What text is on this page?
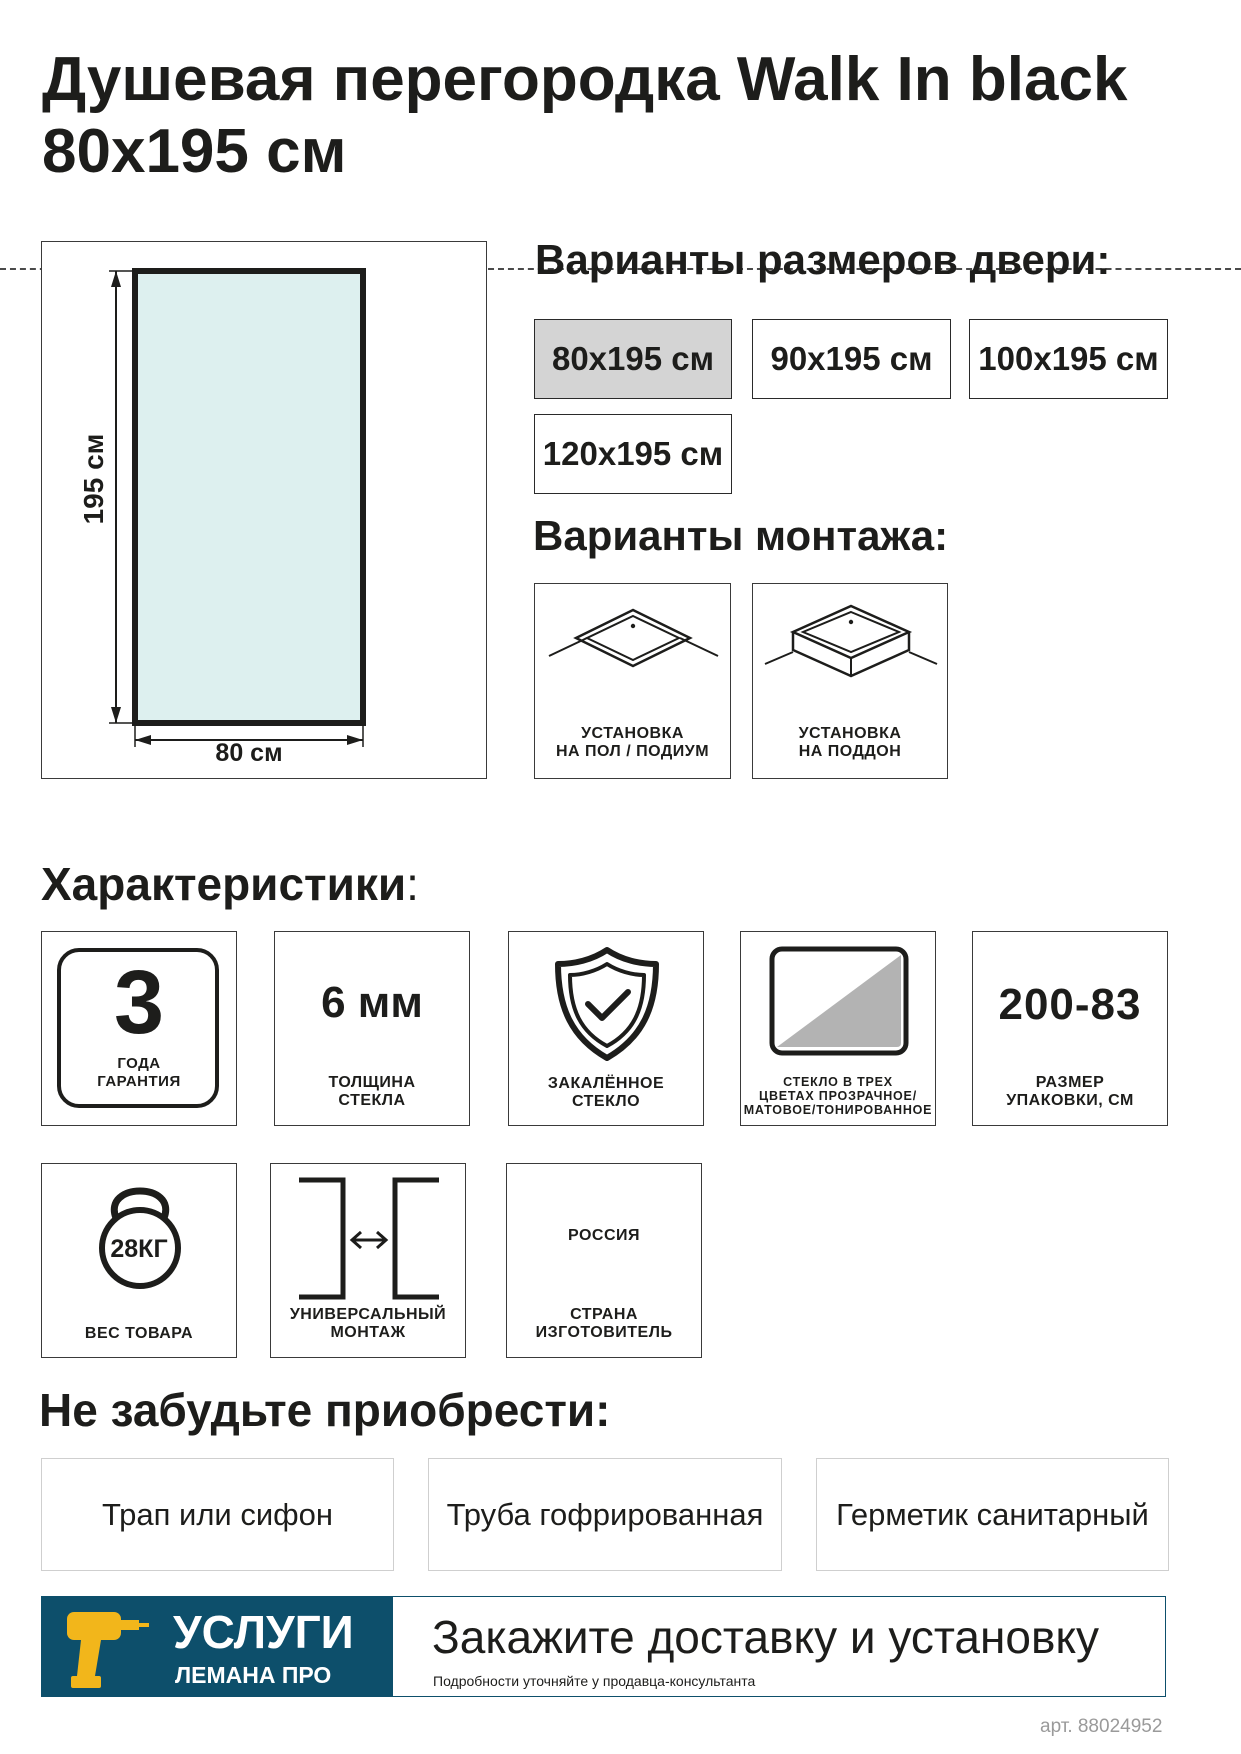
Душевая перегородка Walk In black
80x195 см
195 см
80 см
Варианты размеров двери:
80x195 см	90x195 см	100x195 см
120x195 см
Варианты монтажа:
УСТАНОВКА
НА ПОЛ / ПОДИУМ
УСТАНОВКА
НА ПОДДОН
Характеристики:
3
ГОДА
ГАРАНТИЯ
6 мм
ТОЛЩИНА
СТЕКЛА
ЗАКАЛЁННОЕ
СТЕКЛО
СТЕКЛО В ТРЕХ
ЦВЕТАХ ПРОЗРАЧНОЕ/
МАТОВОЕ/ТОНИРОВАННОЕ
200-83
РАЗМЕР
УПАКОВКИ, СМ
28КГ
ВЕС ТОВАРА
УНИВЕРСАЛЬНЫЙ
МОНТАЖ
РОССИЯ
СТРАНА
ИЗГОТОВИТЕЛЬ
Не забудьте приобрести:
Трап или сифон	Труба гофрированная	Герметик санитарный
УСЛУГИ
ЛЕМАНА ПРО
Закажите доставку и установку
Подробности уточняйте у продавца-консультанта
арт. 88024952
